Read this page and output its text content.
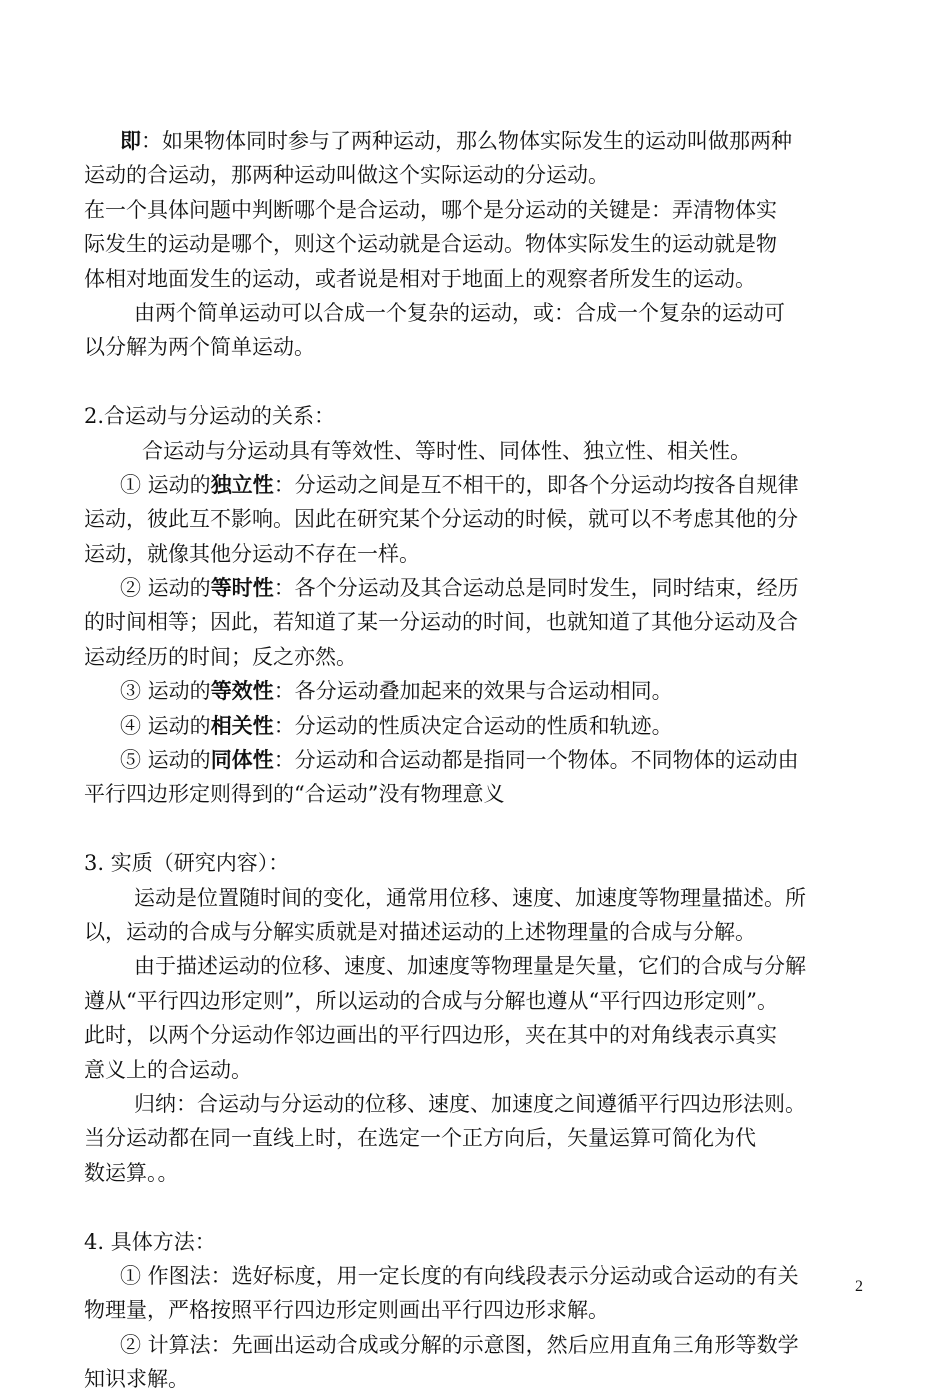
即：如果物体同时参与了两种运动，那么物体实际发生的运动叫做那两种
运动的合运动，那两种运动叫做这个实际运动的分运动。
在一个具体问题中判断哪个是合运动，哪个是分运动的关键是：弄清物体实
际发生的运动是哪个，则这个运动就是合运动。物体实际发生的运动就是物
体相对地面发生的运动，或者说是相对于地面上的观察者所发生的运动。
由两个简单运动可以合成一个复杂的运动，或：合成一个复杂的运动可
以分解为两个简单运动。
2.合运动与分运动的关系：
合运动与分运动具有等效性、等时性、同体性、独立性、相关性。
① 运动的独立性：分运动之间是互不相干的，即各个分运动均按各自规律
运动，彼此互不影响。因此在研究某个分运动的时候，就可以不考虑其他的分
运动，就像其他分运动不存在一样。
② 运动的等时性：各个分运动及其合运动总是同时发生，同时结束，经历
的时间相等；因此，若知道了某一分运动的时间，也就知道了其他分运动及合
运动经历的时间；反之亦然。
③ 运动的等效性：各分运动叠加起来的效果与合运动相同。
④ 运动的相关性：分运动的性质决定合运动的性质和轨迹。
⑤ 运动的同体性：分运动和合运动都是指同一个物体。不同物体的运动由
平行四边形定则得到的“合运动”没有物理意义
3. 实质（研究内容）：
运动是位置随时间的变化，通常用位移、速度、加速度等物理量描述。所
以，运动的合成与分解实质就是对描述运动的上述物理量的合成与分解。
由于描述运动的位移、速度、加速度等物理量是矢量，它们的合成与分解
遵从“平行四边形定则”，所以运动的合成与分解也遵从“平行四边形定则”。
此时，以两个分运动作邻边画出的平行四边形，夹在其中的对角线表示真实
意义上的合运动。
归纳：合运动与分运动的位移、速度、加速度之间遵循平行四边形法则。
当分运动都在同一直线上时，在选定一个正方向后，矢量运算可简化为代
数运算。。
4. 具体方法：
① 作图法：选好标度，用一定长度的有向线段表示分运动或合运动的有关
物理量，严格按照平行四边形定则画出平行四边形求解。
② 计算法：先画出运动合成或分解的示意图，然后应用直角三角形等数学
知识求解。
2
